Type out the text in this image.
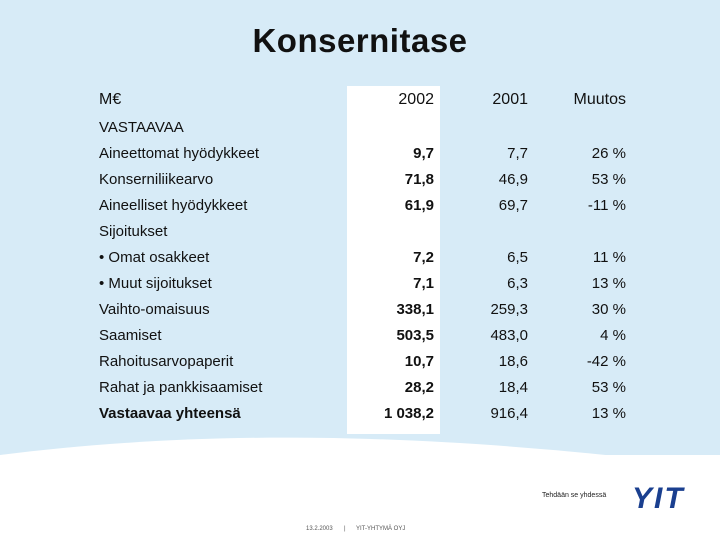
Konsernitase
M€	2002	2001	Muutos
VASTAAVAA			
Aineettomat hyödykkeet	9,7	7,7	26 %
Konserniliikearvo	71,8	46,9	53 %
Aineelliset hyödykkeet	61,9	69,7	-11 %
Sijoitukset			
• Omat osakkeet	7,2	6,5	11 %
• Muut sijoitukset	7,1	6,3	13 %
Vaihto-omaisuus	338,1	259,3	30 %
Saamiset	503,5	483,0	4 %
Rahoitusarvopaperit	10,7	18,6	-42 %
Rahat ja pankkisaamiset	28,2	18,4	53 %
Vastaavaa yhteensä	1 038,2	916,4	13 %
Tehdään se yhdessä YIT
13.2.2003 | YIT-YHTYMÄ OYJ
